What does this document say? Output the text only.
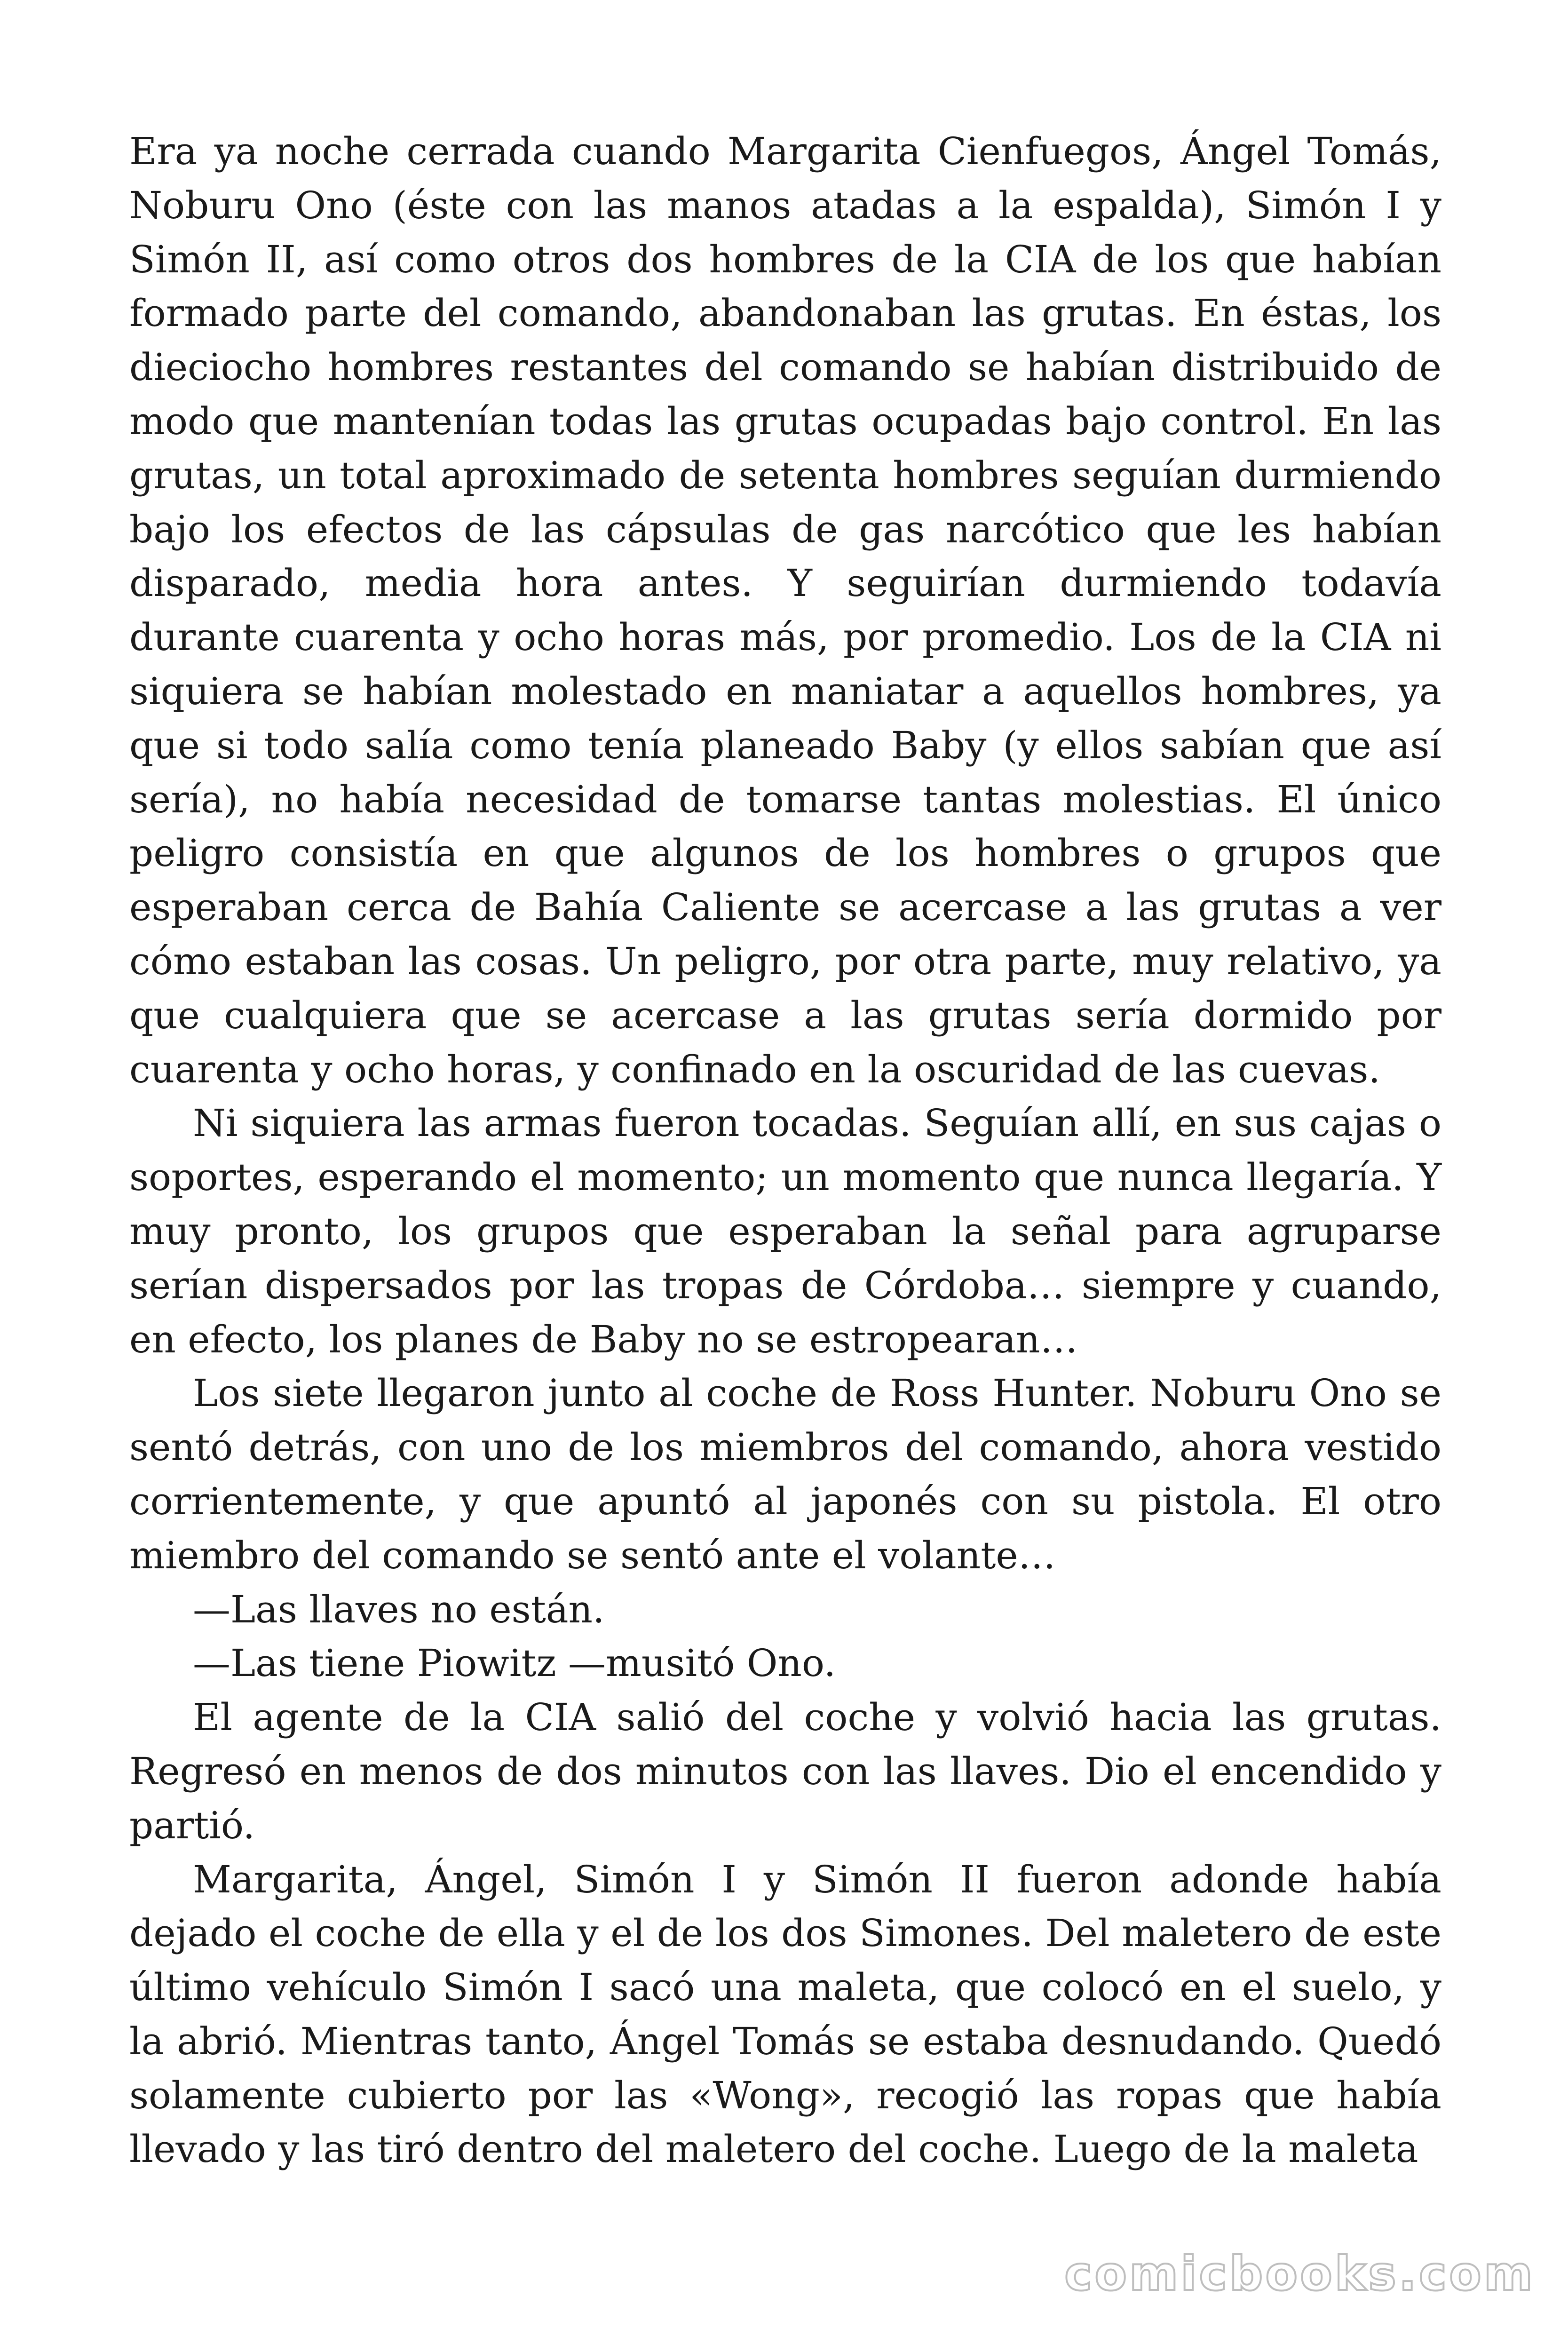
Era ya noche cerrada cuando Margarita Cienfuegos, Ángel Tomás, Noburu Ono (éste con las manos atadas a la espalda), Simón I y Simón II, así como otros dos hombres de la CIA de los que habían formado parte del comando, abandonaban las grutas. En éstas, los dieciocho hombres restantes del comando se habían distribuido de modo que mantenían todas las grutas ocupadas bajo control. En las grutas, un total aproximado de setenta hombres seguían durmiendo bajo los efectos de las cápsulas de gas narcótico que les habían disparado, media hora antes. Y seguirían durmiendo todavía durante cuarenta y ocho horas más, por promedio. Los de la CIA ni siquiera se habían molestado en maniatar a aquellos hombres, ya que si todo salía como tenía planeado Baby (y ellos sabían que así sería), no había necesidad de tomarse tantas molestias. El único peligro consistía en que algunos de los hombres o grupos que esperaban cerca de Bahía Caliente se acercase a las grutas a ver cómo estaban las cosas. Un peligro, por otra parte, muy relativo, ya que cualquiera que se acercase a las grutas sería dormido por cuarenta y ocho horas, y confinado en la oscuridad de las cuevas.

Ni siquiera las armas fueron tocadas. Seguían allí, en sus cajas o soportes, esperando el momento; un momento que nunca llegaría. Y muy pronto, los grupos que esperaban la señal para agruparse serían dispersados por las tropas de Córdoba… siempre y cuando, en efecto, los planes de Baby no se estropearan…

Los siete llegaron junto al coche de Ross Hunter. Noburu Ono se sentó detrás, con uno de los miembros del comando, ahora vestido corrientemente, y que apuntó al japonés con su pistola. El otro miembro del comando se sentó ante el volante…

—Las llaves no están.

—Las tiene Piowitz —musitó Ono.

El agente de la CIA salió del coche y volvió hacia las grutas. Regresó en menos de dos minutos con las llaves. Dio el encendido y partió.

Margarita, Ángel, Simón I y Simón II fueron adonde había dejado el coche de ella y el de los dos Simones. Del maletero de este último vehículo Simón I sacó una maleta, que colocó en el suelo, y la abrió. Mientras tanto, Ángel Tomás se estaba desnudando. Quedó solamente cubierto por las «Wong», recogió las ropas que había llevado y las tiró dentro del maletero del coche. Luego de la maleta

comicbooks.com
